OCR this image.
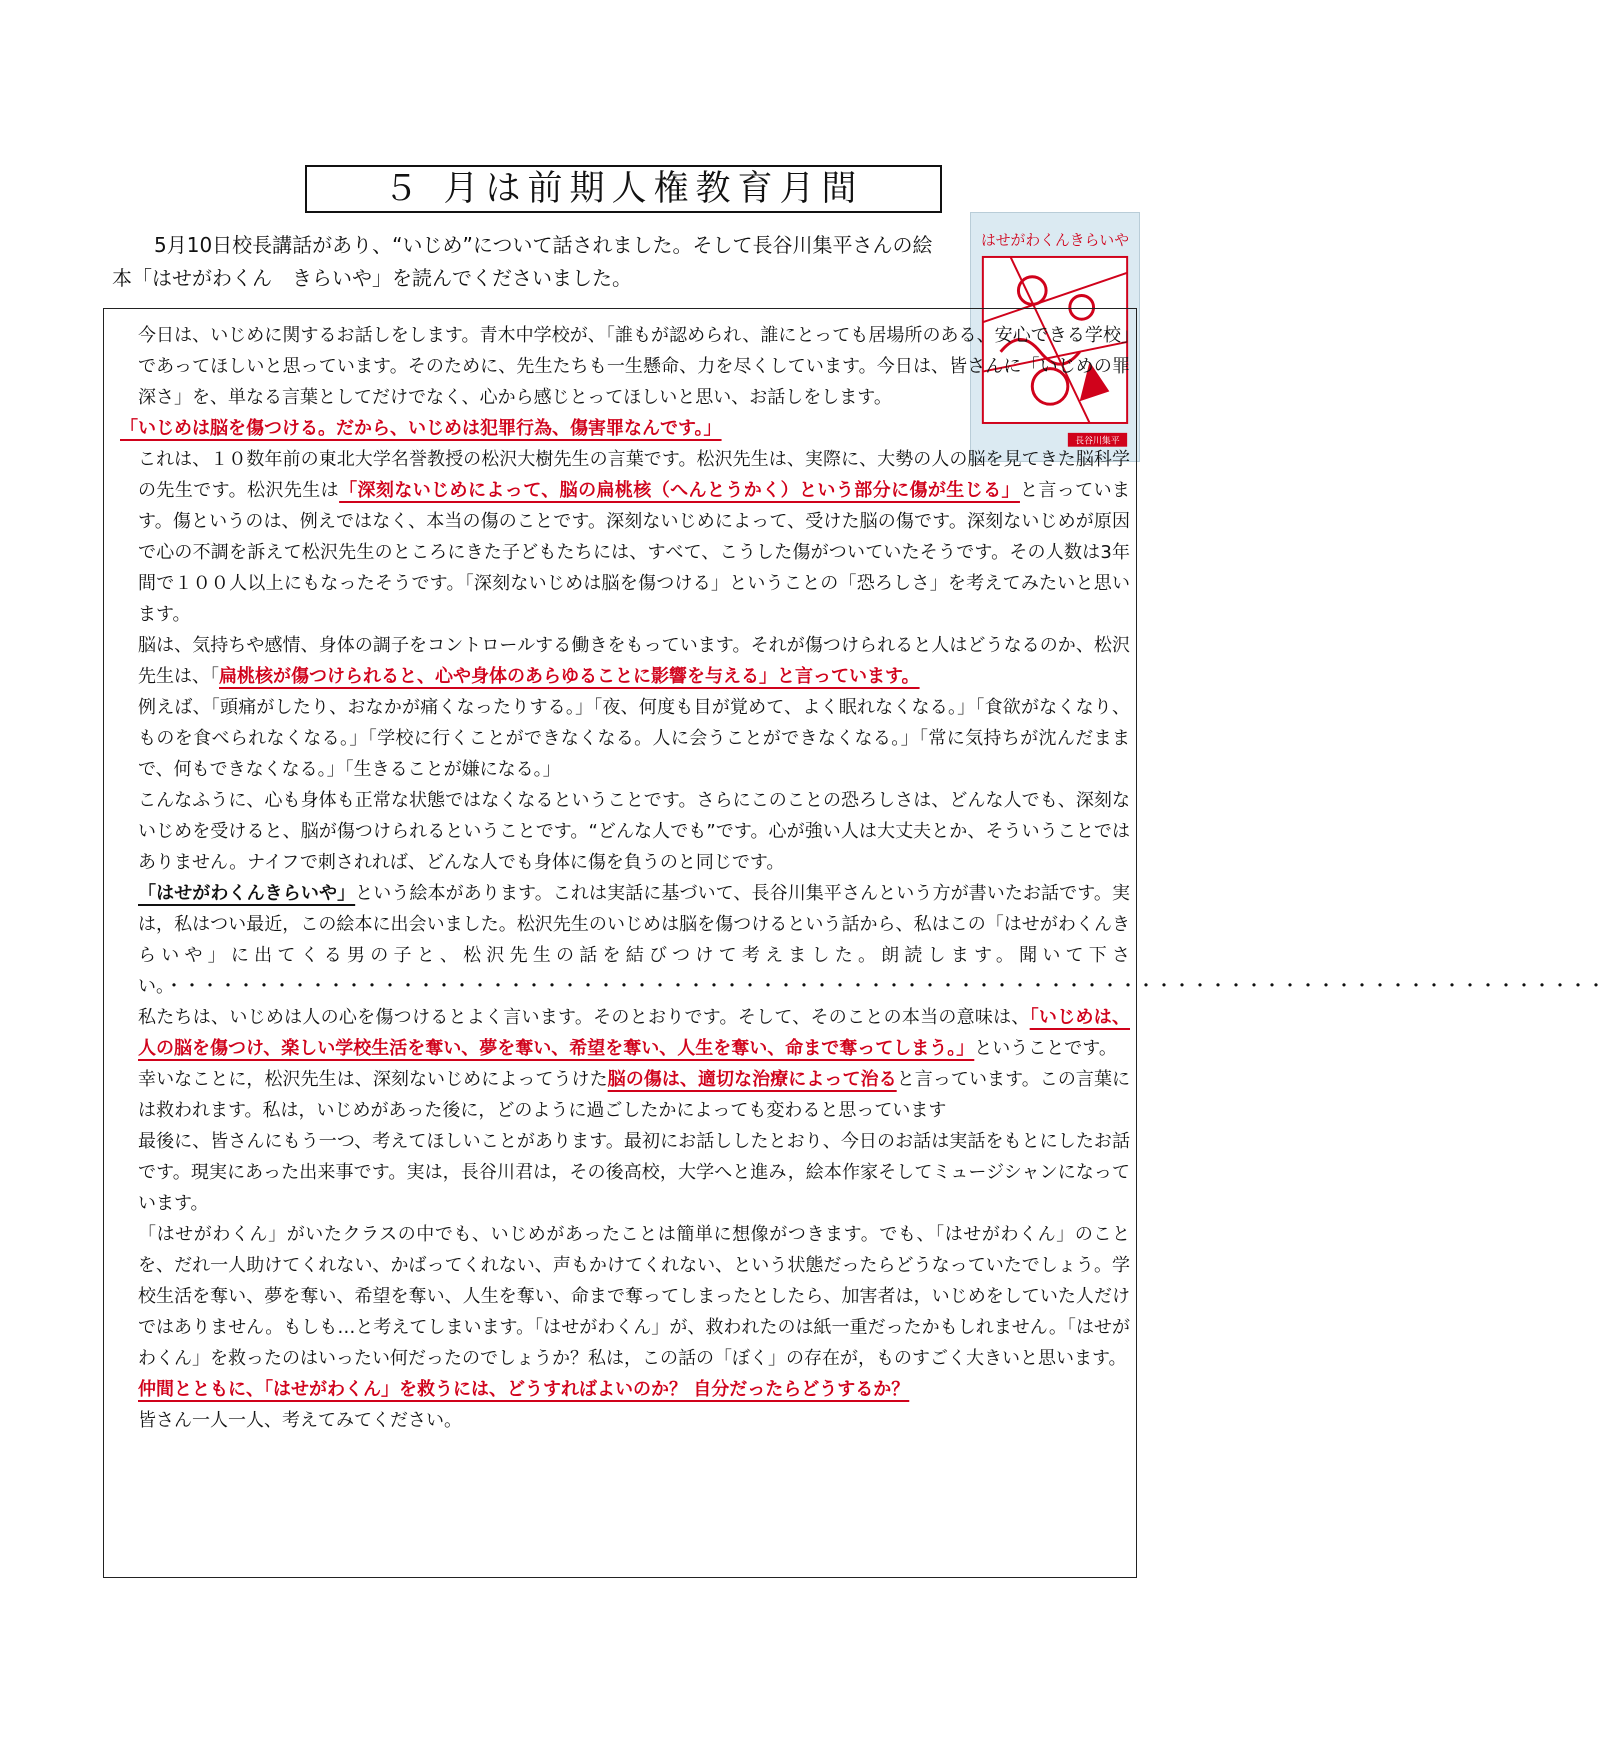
５ 月は前期人権教育月間

5月10日校長講話があり、“いじめ”について話されました。そして長谷川集平さんの絵本「はせがわくん　きらいや」を読んでくださいました。

はせがわくんきらいや
長谷川集平

今日は、いじめに関するお話しをします。青木中学校が、「誰もが認められ、誰にとっても居場所のある、安心できる学校」であってほしいと思っています。そのために、先生たちも一生懸命、力を尽くしています。今日は、皆さんに「いじめの罪深さ」を、単なる言葉としてだけでなく、心から感じとってほしいと思い、お話しをします。

「いじめは脳を傷つける。だから、いじめは犯罪行為、傷害罪なんです。」

これは、１０数年前の東北大学名誉教授の松沢大樹先生の言葉です。松沢先生は、実際に、大勢の人の脳を見てきた脳科学の先生です。松沢先生は「深刻ないじめによって、脳の扁桃核（へんとうかく）という部分に傷が生じる」と言っています。傷というのは、例えではなく、本当の傷のことです。深刻ないじめによって、受けた脳の傷です。深刻ないじめが原因で心の不調を訴えて松沢先生のところにきた子どもたちには、すべて、こうした傷がついていたそうです。その人数は3年間で１００人以上にもなったそうです。「深刻ないじめは脳を傷つける」ということの「恐ろしさ」を考えてみたいと思います。

脳は、気持ちや感情、身体の調子をコントロールする働きをもっています。それが傷つけられると人はどうなるのか、松沢先生は、「扁桃核が傷つけられると、心や身体のあらゆることに影響を与える」と言っています。

例えば、「頭痛がしたり、おなかが痛くなったりする。」「夜、何度も目が覚めて、よく眠れなくなる。」「食欲がなくなり、ものを食べられなくなる。」「学校に行くことができなくなる。人に会うことができなくなる。」「常に気持ちが沈んだままで、何もできなくなる。」「生きることが嫌になる。」

こんなふうに、心も身体も正常な状態ではなくなるということです。さらにこのことの恐ろしさは、どんな人でも、深刻ないじめを受けると、脳が傷つけられるということです。“どんな人でも”です。心が強い人は大丈夫とか、そういうことではありません。ナイフで刺されれば、どんな人でも身体に傷を負うのと同じです。

「はせがわくんきらいや」という絵本があります。これは実話に基づいて、長谷川集平さんという方が書いたお話です。実は，私はつい最近，この絵本に出会いました。松沢先生のいじめは脳を傷つけるという話から、私はこの「はせがわくんきらいや」に出てくる男の子と、松沢先生の話を結びつけて考えました。朗読します。聞いて下さい。・・・・・・・・・・・・・・・・・・・・・・・・・・・・・・・・・・・・・・・・・・・・・・・・・・・・・・・・・・・・・・・・・・・・・・・・・・・・・・・・

私たちは、いじめは人の心を傷つけるとよく言います。そのとおりです。そして、そのことの本当の意味は、「いじめは、人の脳を傷つけ、楽しい学校生活を奪い、夢を奪い、希望を奪い、人生を奪い、命まで奪ってしまう。」ということです。

幸いなことに，松沢先生は、深刻ないじめによってうけた脳の傷は、適切な治療によって治ると言っています。この言葉には救われます。私は，いじめがあった後に，どのように過ごしたかによっても変わると思っています

最後に、皆さんにもう一つ、考えてほしいことがあります。最初にお話ししたとおり、今日のお話は実話をもとにしたお話です。現実にあった出来事です。実は，長谷川君は，その後高校，大学へと進み，絵本作家そしてミュージシャンになっています。

「はせがわくん」がいたクラスの中でも、いじめがあったことは簡単に想像がつきます。でも、「はせがわくん」のことを、だれ一人助けてくれない、かばってくれない、声もかけてくれない、という状態だったらどうなっていたでしょう。学校生活を奪い、夢を奪い、希望を奪い、人生を奪い、命まで奪ってしまったとしたら、加害者は，いじめをしていた人だけではありません。もしも…と考えてしまいます。「はせがわくん」が、救われたのは紙一重だったかもしれません。「はせがわくん」を救ったのはいったい何だったのでしょうか？私は，この話の「ぼく」の存在が，ものすごく大きいと思います。

仲間とともに、「はせがわくん」を救うには、どうすればよいのか？ 自分だったらどうするか？

皆さん一人一人、考えてみてください。
